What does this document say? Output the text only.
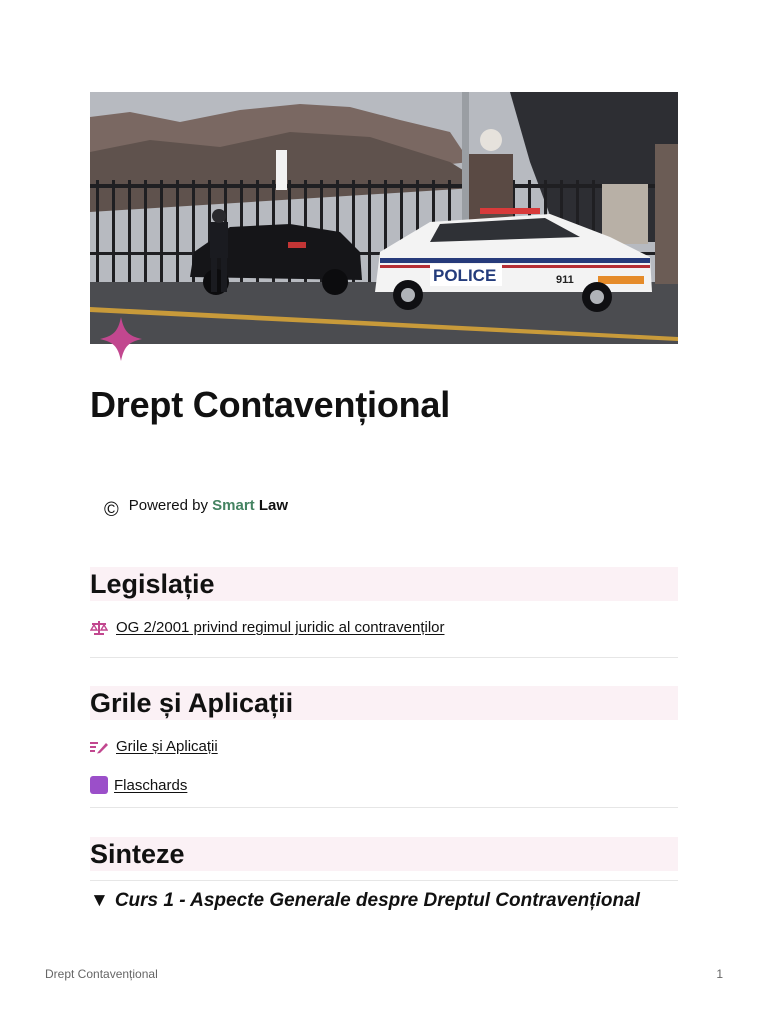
POLICE	911
Drept Contavențional
© Powered by Smart Law
Legislație
OG 2/2001 privind regimul juridic al contravenților
Grile și Aplicații
Grile și Aplicații
Flaschards
Sinteze
▼ Curs 1 - Aspecte Generale despre Dreptul Contravențional
Drept Contavențional	1
